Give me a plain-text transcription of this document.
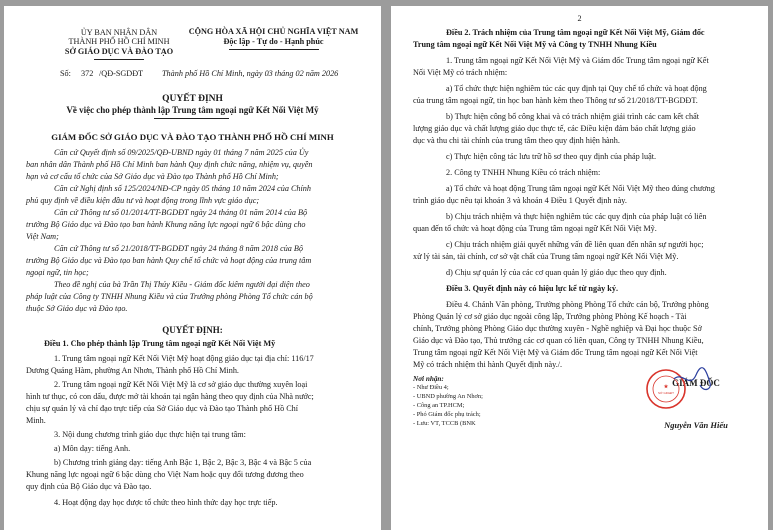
ỦY BAN NHÂN DÂN
THÀNH PHỐ HỒ CHÍ MINH
SỞ GIÁO DỤC VÀ ĐÀO TẠO
CỘNG HÒA XÃ HỘI CHỦ NGHĨA VIỆT NAM
Độc lập - Tự do - Hạnh phúc
Số: 372 /QĐ-SGDĐT Thành phố Hồ Chí Minh, ngày 03 tháng 02 năm 2026
QUYẾT ĐỊNH
Về việc cho phép thành lập Trung tâm ngoại ngữ Kết Nối Việt Mỹ
GIÁM ĐỐC SỞ GIÁO DỤC VÀ ĐÀO TẠO THÀNH PHỐ HỒ CHÍ MINH
Căn cứ Quyết định số 09/2025/QĐ-UBND ngày 01 tháng 7 năm 2025 của Ủy
ban nhân dân Thành phố Hồ Chí Minh ban hành Quy định chức năng, nhiệm vụ, quyền
hạn và cơ cấu tổ chức của Sở Giáo dục và Đào tạo Thành phố Hồ Chí Minh;
Căn cứ Nghị định số 125/2024/NĐ-CP ngày 05 tháng 10 năm 2024 của Chính
phủ quy định về điều kiện đầu tư và hoạt động trong lĩnh vực giáo dục;
Căn cứ Thông tư số 01/2014/TT-BGDĐT ngày 24 tháng 01 năm 2014 của Bộ
trưởng Bộ Giáo dục và Đào tạo ban hành Khung năng lực ngoại ngữ 6 bậc dùng cho
Việt Nam;
Căn cứ Thông tư số 21/2018/TT-BGDĐT ngày 24 tháng 8 năm 2018 của Bộ
trưởng Bộ Giáo dục và Đào tạo ban hành Quy chế tổ chức và hoạt động của trung tâm
ngoại ngữ, tin học;
Theo đề nghị của bà Trần Thị Thúy Kiều - Giám đốc kiêm người đại diện theo
pháp luật của Công ty TNHH Nhung Kiều và của Trưởng phòng Phòng Tổ chức cán bộ
thuộc Sở Giáo dục và Đào tạo.
QUYẾT ĐỊNH:
Điều 1. Cho phép thành lập Trung tâm ngoại ngữ Kết Nối Việt Mỹ
1. Trung tâm ngoại ngữ Kết Nối Việt Mỹ hoạt động giáo dục tại địa chỉ: 116/17
Dương Quảng Hàm, phường An Nhơn, Thành phố Hồ Chí Minh.
2. Trung tâm ngoại ngữ Kết Nối Việt Mỹ là cơ sở giáo dục thường xuyên loại
hình tư thục, có con dấu, được mở tài khoản tại ngân hàng theo quy định của Nhà nước;
chịu sự quản lý và chỉ đạo trực tiếp của Sở Giáo dục và Đào tạo Thành phố Hồ Chí
Minh.
3. Nội dung chương trình giáo dục thực hiện tại trung tâm:
a) Môn dạy: tiếng Anh.
b) Chương trình giảng dạy: tiếng Anh Bậc 1, Bậc 2, Bậc 3, Bậc 4 và Bậc 5 của
Khung năng lực ngoại ngữ 6 bậc dùng cho Việt Nam hoặc quy đổi tương đương theo
quy định của Bộ Giáo dục và Đào tạo.
4. Hoạt động dạy học được tổ chức theo hình thức dạy học trực tiếp.
2
Điều 2. Trách nhiệm của Trung tâm ngoại ngữ Kết Nối Việt Mỹ, Giám đốc
Trung tâm ngoại ngữ Kết Nối Việt Mỹ và Công ty TNHH Nhung Kiều
1. Trung tâm ngoại ngữ Kết Nối Việt Mỹ và Giám đốc Trung tâm ngoại ngữ Kết
Nối Việt Mỹ có trách nhiệm:
a) Tổ chức thực hiện nghiêm túc các quy định tại Quy chế tổ chức và hoạt động
của trung tâm ngoại ngữ, tin học ban hành kèm theo Thông tư số 21/2018/TT-BGDĐT.
b) Thực hiện công bố công khai và có trách nhiệm giải trình các cam kết chất
lượng giáo dục và chất lượng giáo dục thực tế, các Điều kiện đảm bảo chất lượng giáo
dục và thu chi tài chính của trung tâm theo quy định hiện hành.
c) Thực hiện công tác lưu trữ hồ sơ theo quy định của pháp luật.
2. Công ty TNHH Nhung Kiều có trách nhiệm:
a) Tổ chức và hoạt động Trung tâm ngoại ngữ Kết Nối Việt Mỹ theo đúng chương
trình giáo dục nêu tại khoản 3 và khoản 4 Điều 1 Quyết định này.
b) Chịu trách nhiệm và thực hiện nghiêm túc các quy định của pháp luật có liên
quan đến tổ chức và hoạt động của Trung tâm ngoại ngữ Kết Nối Việt Mỹ.
c) Chịu trách nhiệm giải quyết những vấn đề liên quan đến nhân sự người học;
xử lý tài sản, tài chính, cơ sở vật chất của Trung tâm ngoại ngữ Kết Nối Việt Mỹ.
d) Chịu sự quản lý của các cơ quan quản lý giáo dục theo quy định.
Điều 3. Quyết định này có hiệu lực kể từ ngày ký.
Điều 4. Chánh Văn phòng, Trưởng phòng Phòng Tổ chức cán bộ, Trưởng phòng
Phòng Quản lý cơ sở giáo dục ngoài công lập, Trưởng phòng Phòng Kế hoạch - Tài
chính, Trưởng phòng Phòng Giáo dục thường xuyên - Nghề nghiệp và Đại học thuộc Sở
Giáo dục và Đào tạo, Thủ trưởng các cơ quan có liên quan, Công ty TNHH Nhung Kiều,
Trung tâm ngoại ngữ Kết Nối Việt Mỹ và Giám đốc Trung tâm ngoại ngữ Kết Nối Việt
Mỹ có trách nhiệm thi hành Quyết định này./.
Nơi nhận:
- Như Điều 4;
- UBND phường An Nhơn;
- Công an TP.HCM;
- Phó Giám đốc phụ trách;
- Lưu: VT, TCCB (BNK
GIÁM ĐỐC
★
SỞ GD&ĐT
Nguyễn Văn Hiếu
